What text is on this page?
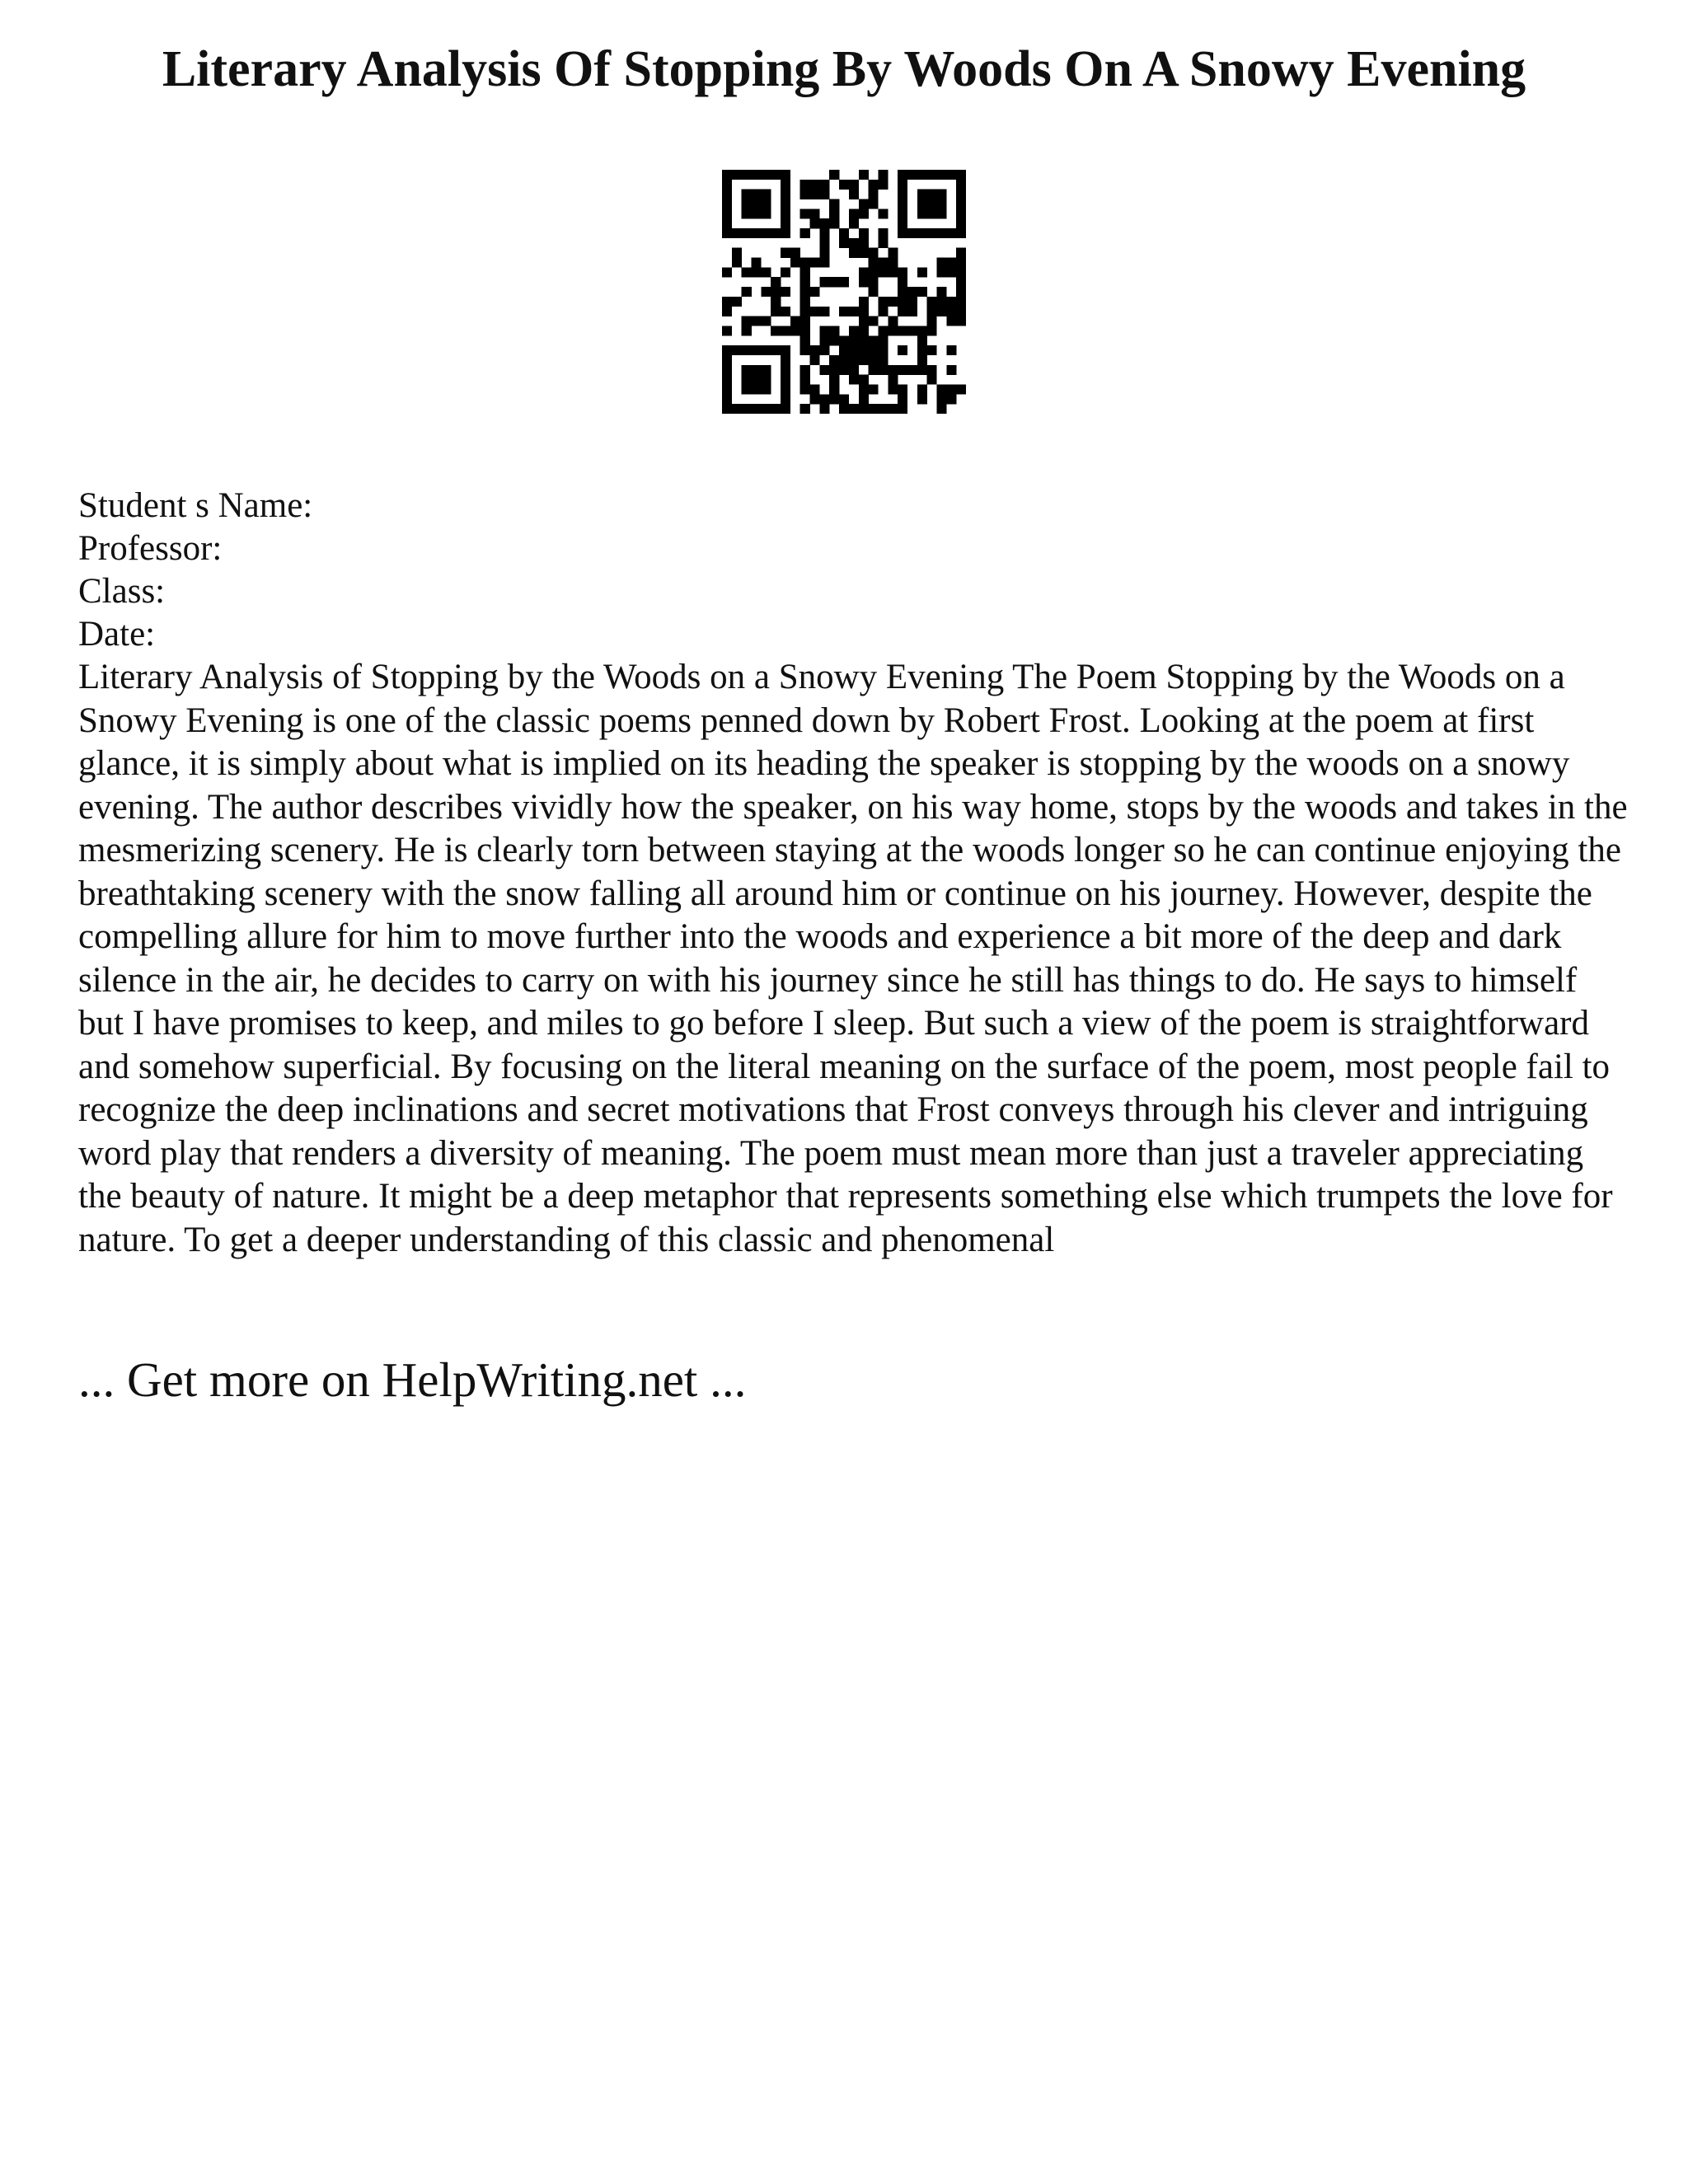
Literary Analysis Of Stopping By Woods On A Snowy Evening
Student s Name:
Professor:
Class:
Date:

Literary Analysis of Stopping by the Woods on a Snowy Evening The Poem Stopping by the Woods on a Snowy Evening is one of the classic poems penned down by Robert Frost. Looking at the poem at first glance, it is simply about what is implied on its heading the speaker is stopping by the woods on a snowy evening. The author describes vividly how the speaker, on his way home, stops by the woods and takes in the mesmerizing scenery. He is clearly torn between staying at the woods longer so he can continue enjoying the breathtaking scenery with the snow falling all around him or continue on his journey. However, despite the compelling allure for him to move further into the woods and experience a bit more of the deep and dark silence in the air, he decides to carry on with his journey since he still has things to do. He says to himself but I have promises to keep, and miles to go before I sleep. But such a view of the poem is straightforward and somehow superficial. By focusing on the literal meaning on the surface of the poem, most people fail to recognize the deep inclinations and secret motivations that Frost conveys through his clever and intriguing word play that renders a diversity of meaning. The poem must mean more than just a traveler appreciating the beauty of nature. It might be a deep metaphor that represents something else which trumpets the love for nature. To get a deeper understanding of this classic and phenomenal

... Get more on HelpWriting.net ...
